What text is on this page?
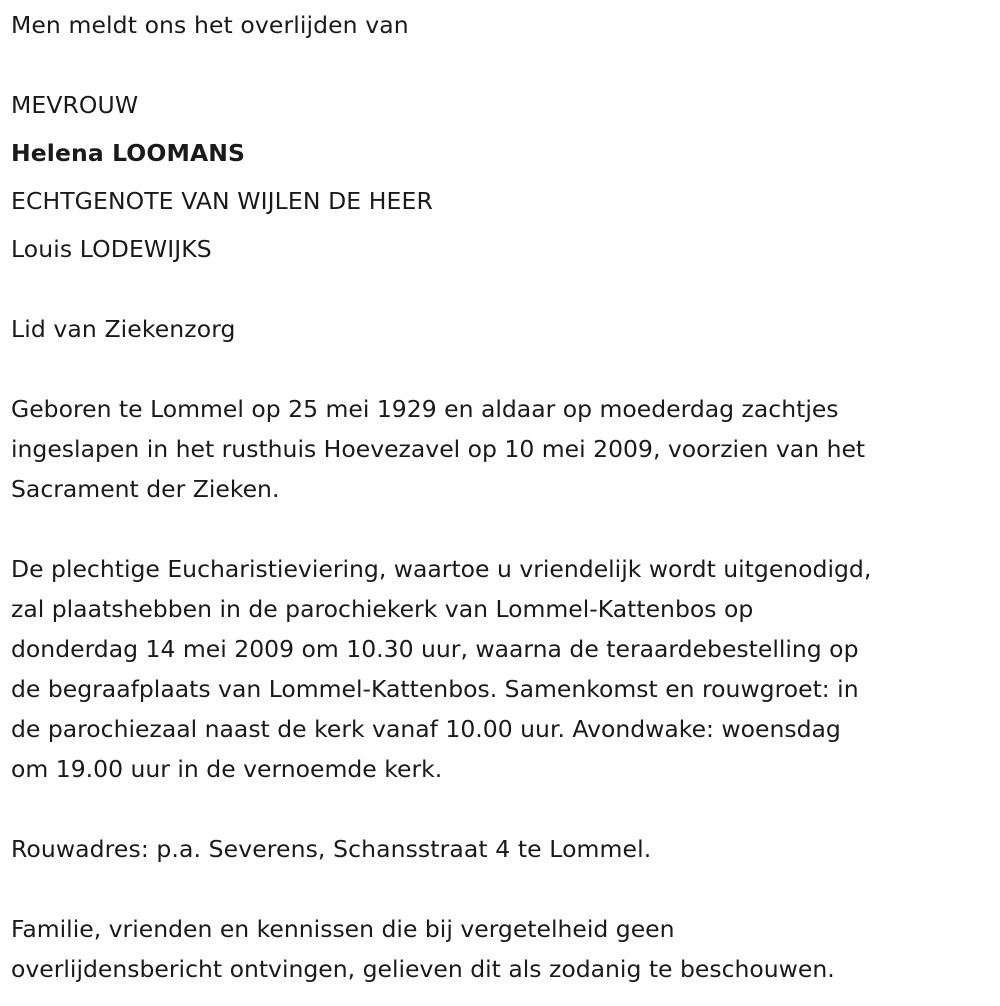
Men meldt ons het overlijden van
MEVROUW
Helena LOOMANS
ECHTGENOTE VAN WIJLEN DE HEER
Louis LODEWIJKS
Lid van Ziekenzorg
Geboren te Lommel op 25 mei 1929 en aldaar op moederdag zachtjes
ingeslapen in het rusthuis Hoevezavel op 10 mei 2009, voorzien van het
Sacrament der Zieken.
De plechtige Eucharistieviering, waartoe u vriendelijk wordt uitgenodigd,
zal plaatshebben in de parochiekerk van Lommel-Kattenbos op
donderdag 14 mei 2009 om 10.30 uur, waarna de teraardebestelling op
de begraafplaats van Lommel-Kattenbos. Samenkomst en rouwgroet: in
de parochiezaal naast de kerk vanaf 10.00 uur. Avondwake: woensdag
om 19.00 uur in de vernoemde kerk.
Rouwadres: p.a. Severens, Schansstraat 4 te Lommel.
Familie, vrienden en kennissen die bij vergetelheid geen
overlijdensbericht ontvingen, gelieven dit als zodanig te beschouwen.
